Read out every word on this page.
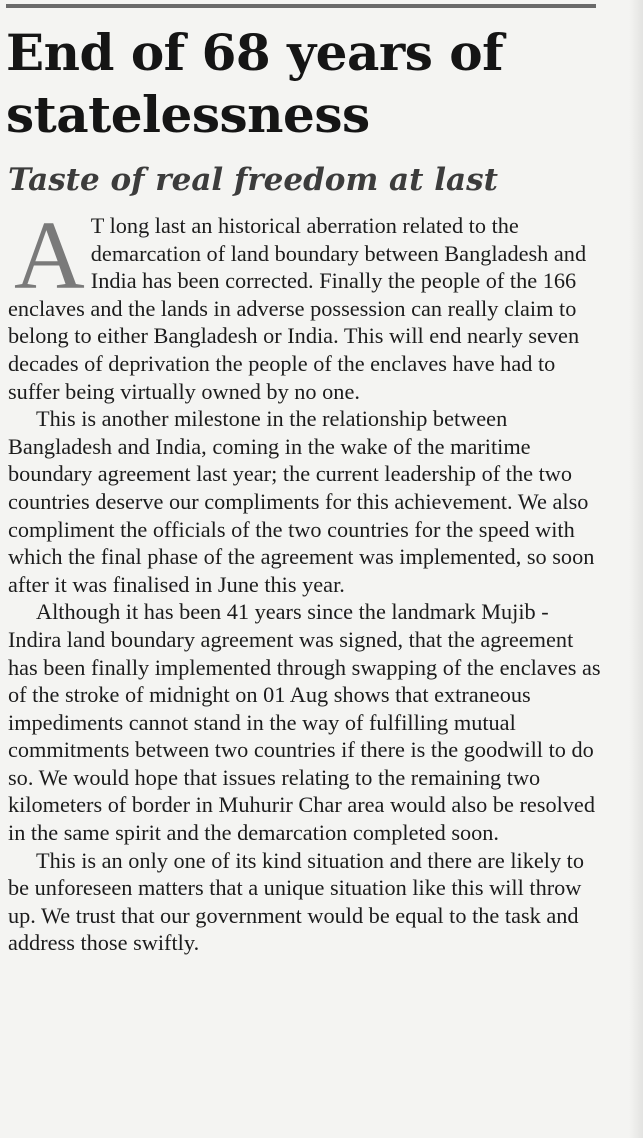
End of 68 years of statelessness
Taste of real freedom at last

A T long last an historical aberration related to the demarcation of land boundary between Bangladesh and India has been corrected. Finally the people of the 166 enclaves and the lands in adverse possession can really claim to belong to either Bangladesh or India. This will end nearly seven decades of deprivation the people of the enclaves have had to suffer being virtually owned by no one.

This is another milestone in the relationship between Bangladesh and India, coming in the wake of the maritime boundary agreement last year; the current leadership of the two countries deserve our compliments for this achievement. We also compliment the officials of the two countries for the speed with which the final phase of the agreement was implemented, so soon after it was finalised in June this year.

Although it has been 41 years since the landmark Mujib - Indira land boundary agreement was signed, that the agreement has been finally implemented through swapping of the enclaves as of the stroke of midnight on 01 Aug shows that extraneous impediments cannot stand in the way of fulfilling mutual commitments between two countries if there is the goodwill to do so. We would hope that issues relating to the remaining two kilometers of border in Muhurir Char area would also be resolved in the same spirit and the demarcation completed soon.

This is an only one of its kind situation and there are likely to be unforeseen matters that a unique situation like this will throw up. We trust that our government would be equal to the task and address those swiftly.
